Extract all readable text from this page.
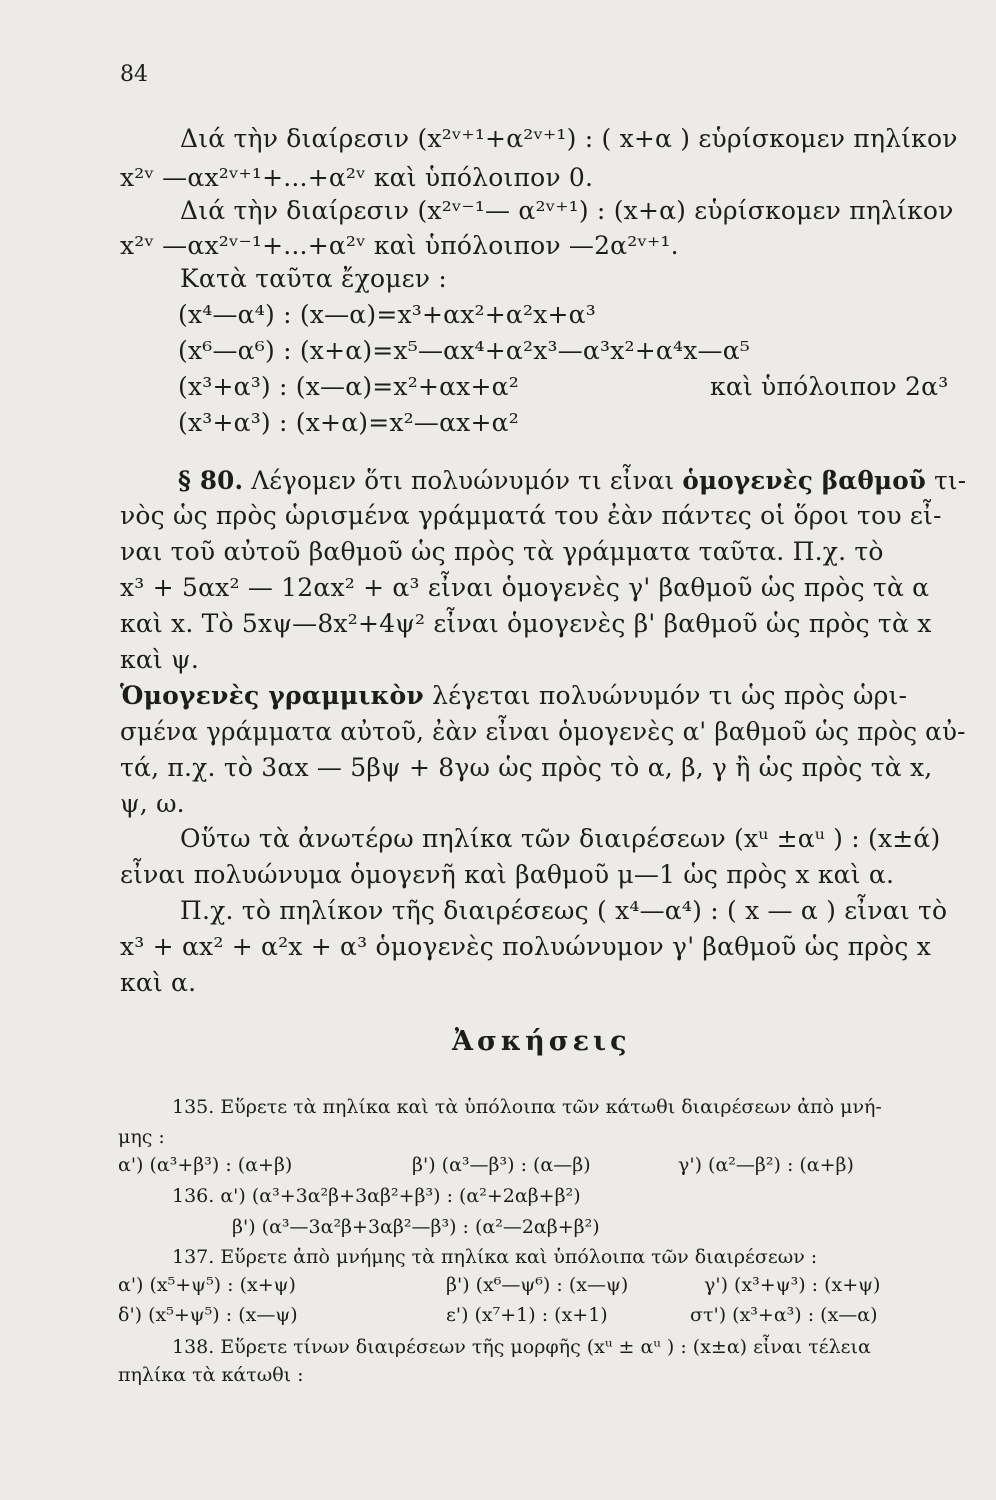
84
Διά τὴν διαίρεσιν (x²ᵛ⁺¹+α²ᵛ⁺¹) : ( x+α ) εὑρίσκομεν πηλίκον
x²ᵛ —αx²ᵛ⁺¹+...+α²ᵛ καὶ ὑπόλοιπον 0.
Διά τὴν διαίρεσιν (x²ᵛ⁻¹— α²ᵛ⁺¹) : (x+α) εὑρίσκομεν πηλίκον
x²ᵛ —αx²ᵛ⁻¹+...+α²ᵛ καὶ ὑπόλοιπον —2α²ᵛ⁺¹.
Κατὰ ταῦτα ἔχομεν :
(x⁴—α⁴) : (x—α)=x³+αx²+α²x+α³
(x⁶—α⁶) : (x+α)=x⁵—αx⁴+α²x³—α³x²+α⁴x—α⁵
(x³+α³) : (x—α)=x²+αx+α²	καὶ ὑπόλοιπον 2α³
(x³+α³) : (x+α)=x²—αx+α²
§ 80. Λέγομεν ὅτι πολυώνυμόν τι εἶναι ὁμογενὲς βαθμοῦ τι-
νὸς ὡς πρὸς ὡρισμένα γράμματά του ἐὰν πάντες οἱ ὅροι του εἶ-
ναι τοῦ αὐτοῦ βαθμοῦ ὡς πρὸς τὰ γράμματα ταῦτα. Π.χ. τὸ
x³ + 5αx² — 12αx² + α³ εἶναι ὁμογενὲς γ' βαθμοῦ ὡς πρὸς τὰ α
καὶ x. Τὸ 5xψ—8x²+4ψ² εἶναι ὁμογενὲς β' βαθμοῦ ὡς πρὸς τὰ x
καὶ ψ.
Ὁμογενὲς γραμμικὸν λέγεται πολυώνυμόν τι ὡς πρὸς ὡρι-
σμένα γράμματα αὐτοῦ, ἐὰν εἶναι ὁμογενὲς α' βαθμοῦ ὡς πρὸς αὐ-
τά, π.χ. τὸ 3αx — 5βψ + 8γω ὡς πρὸς τὸ α, β, γ ἢ ὡς πρὸς τὰ x,
ψ, ω.
Οὕτω τὰ ἀνωτέρω πηλίκα τῶν διαιρέσεων (xᵘ ±αᵘ ) : (x±ά)
εἶναι πολυώνυμα ὁμογενῆ καὶ βαθμοῦ μ—1 ὡς πρὸς x καὶ α.
Π.χ. τὸ πηλίκον τῆς διαιρέσεως ( x⁴—α⁴) : ( x — α ) εἶναι τὸ
x³ + αx² + α²x + α³ ὁμογενὲς πολυώνυμον γ' βαθμοῦ ὡς πρὸς x
καὶ α.
Ἀσκήσεις
135. Εὕρετε τὰ πηλίκα καὶ τὰ ὑπόλοιπα τῶν κάτωθι διαιρέσεων ἀπὸ μνή-
μης :
α') (α³+β³) : (α+β)	β') (α³—β³) : (α—β)	γ') (α²—β²) : (α+β)
136. α') (α³+3α²β+3αβ²+β³) : (α²+2αβ+β²)
β') (α³—3α²β+3αβ²—β³) : (α²—2αβ+β²)
137. Εὕρετε ἀπὸ μνήμης τὰ πηλίκα καὶ ὑπόλοιπα τῶν διαιρέσεων :
α') (x⁵+ψ⁵) : (x+ψ)	β') (x⁶—ψ⁶) : (x—ψ)	γ') (x³+ψ³) : (x+ψ)
δ') (x⁵+ψ⁵) : (x—ψ)	ε') (x⁷+1) : (x+1)	στ') (x³+α³) : (x—α)
138. Εὕρετε τίνων διαιρέσεων τῆς μορφῆς (xᵘ ± αᵘ ) : (x±α) εἶναι τέλεια
πηλίκα τὰ κάτωθι :
